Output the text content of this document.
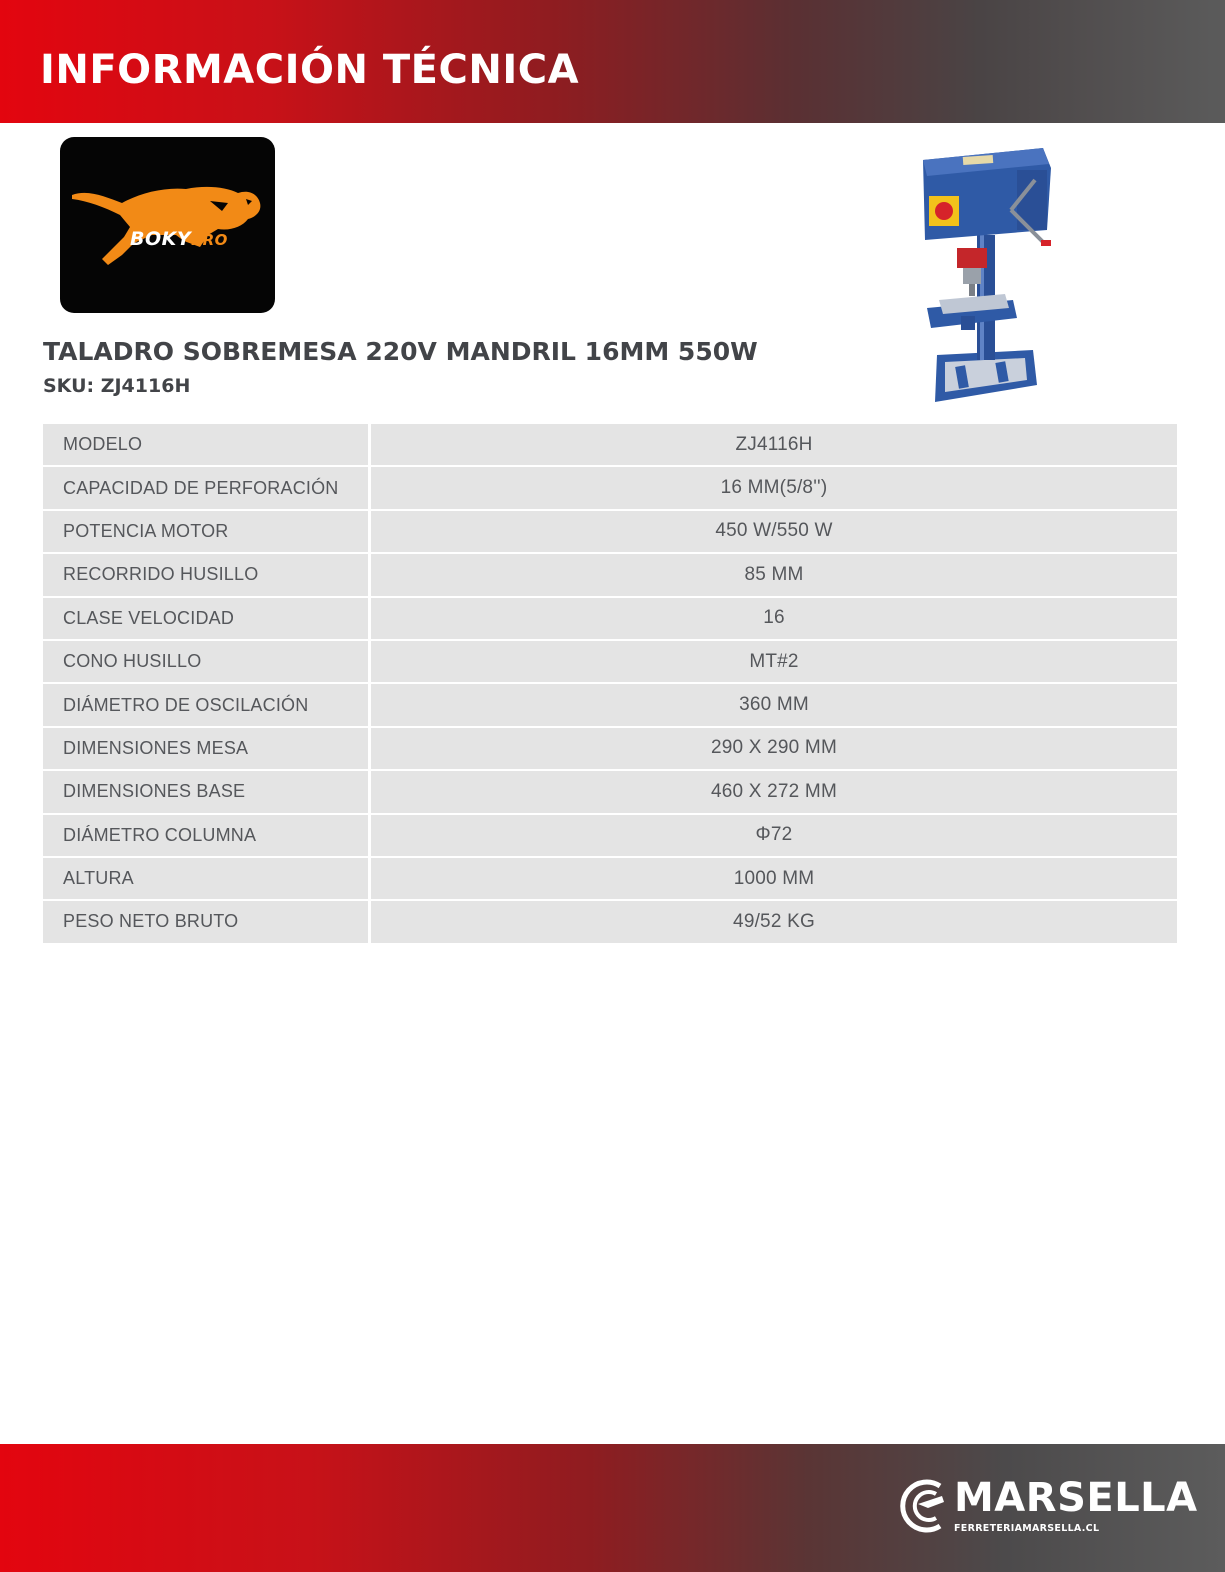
INFORMACIÓN TÉCNICA
BOKYPRO
TALADRO SOBREMESA 220V MANDRIL 16MM 550W
SKU: ZJ4116H
MODELO	ZJ4116H
CAPACIDAD DE PERFORACIÓN	16 MM(5/8'')
POTENCIA MOTOR	450 W/550 W
RECORRIDO HUSILLO	85 MM
CLASE VELOCIDAD	16
CONO HUSILLO	MT#2
DIÁMETRO DE OSCILACIÓN	360 MM
DIMENSIONES MESA	290 X 290 MM
DIMENSIONES BASE	460 X 272 MM
DIÁMETRO COLUMNA	Φ72
ALTURA	1000 MM
PESO NETO BRUTO	49/52 KG
MARSELLA
FERRETERIAMARSELLA.CL
